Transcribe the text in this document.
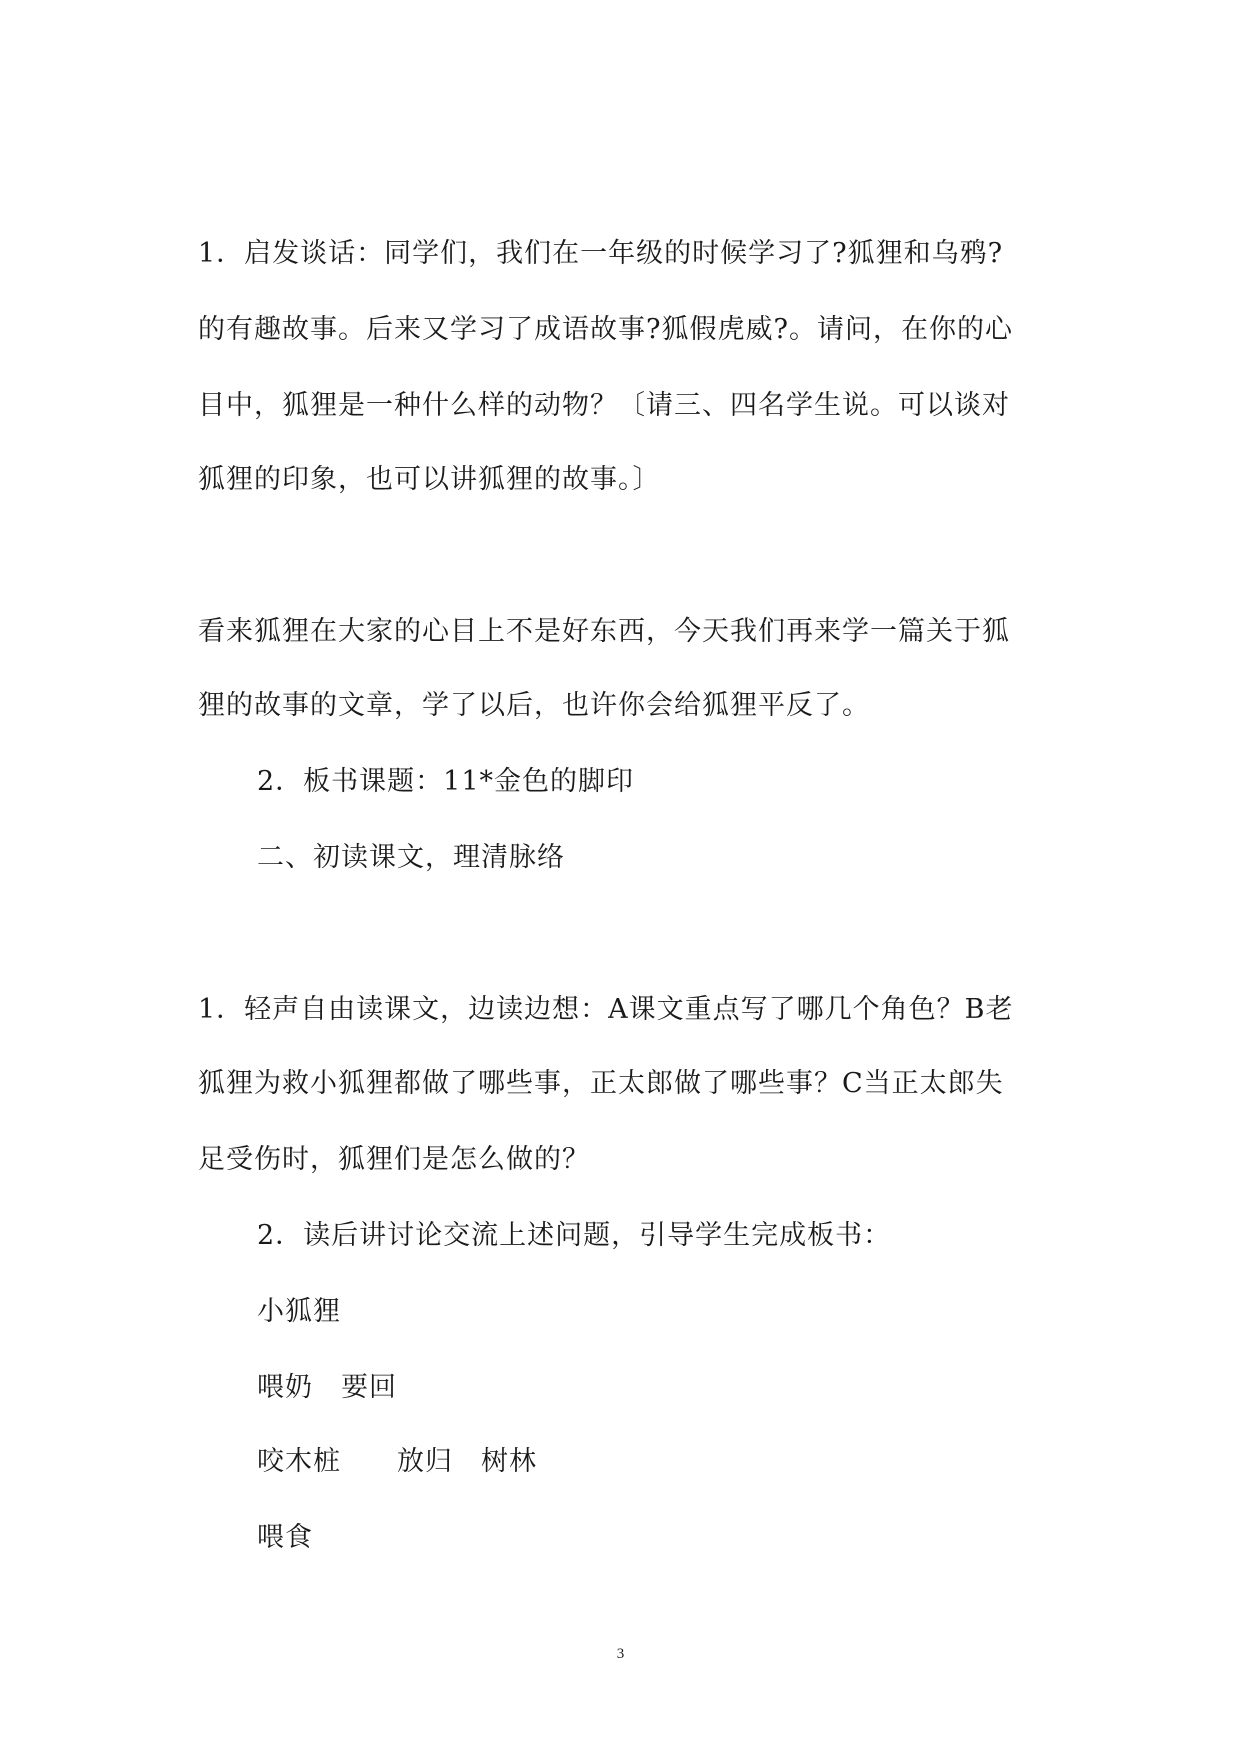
1．启发谈话：同学们，我们在一年级的时候学习了?狐狸和乌鸦?
的有趣故事。后来又学习了成语故事?狐假虎威?。请问，在你的心
目中，狐狸是一种什么样的动物？〔请三、四名学生说。可以谈对
狐狸的印象，也可以讲狐狸的故事。〕
看来狐狸在大家的心目上不是好东西，今天我们再来学一篇关于狐
狸的故事的文章，学了以后，也许你会给狐狸平反了。
2．板书课题：11*金色的脚印
二、初读课文，理清脉络
1．轻声自由读课文，边读边想：A课文重点写了哪几个角色？B老
狐狸为救小狐狸都做了哪些事，正太郎做了哪些事？C当正太郎失
足受伤时，狐狸们是怎么做的？
2．读后讲讨论交流上述问题，引导学生完成板书：
小狐狸
喂奶　要回
咬木桩　　放归　树林
喂食
3
